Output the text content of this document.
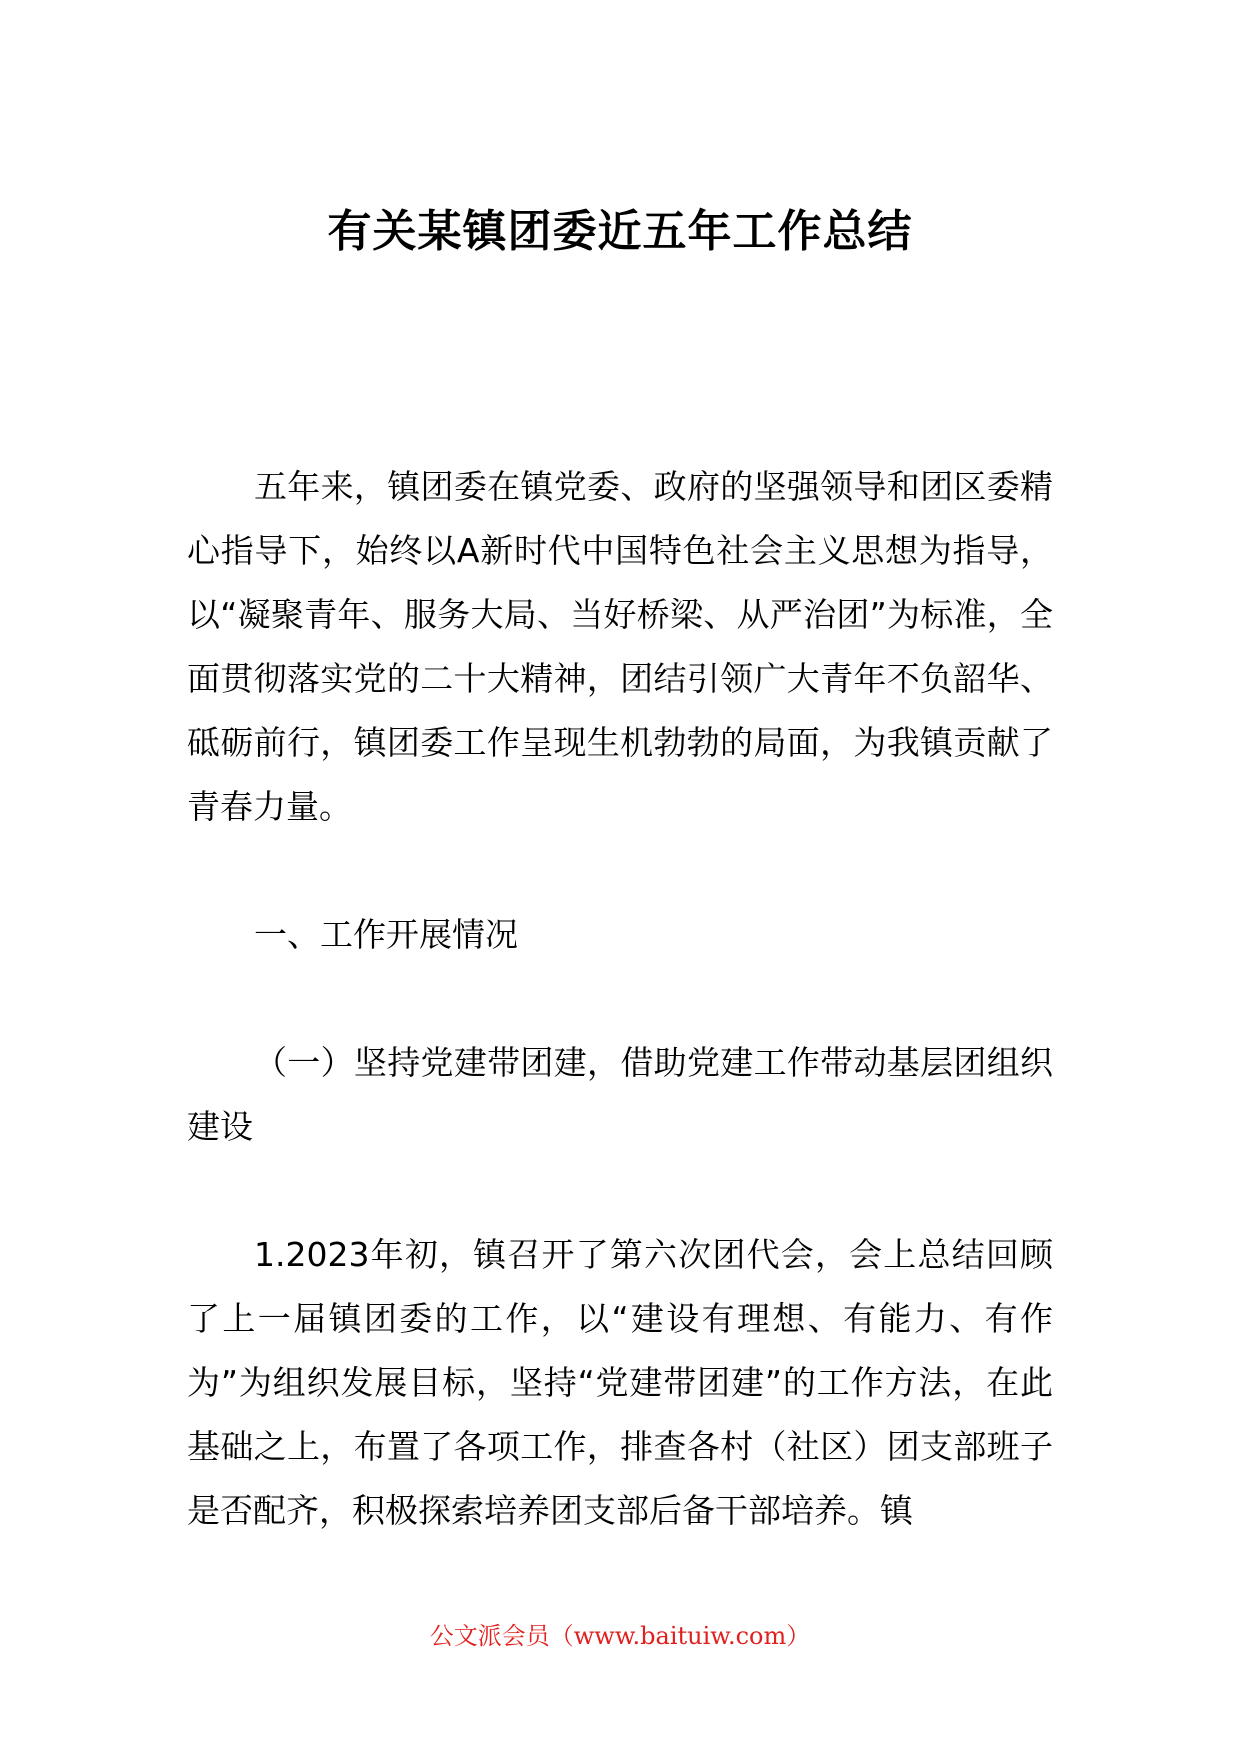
有关某镇团委近五年工作总结

五年来，镇团委在镇党委、政府的坚强领导和团区委精心指导下，始终以A新时代中国特色社会主义思想为指导，以“凝聚青年、服务大局、当好桥梁、从严治团”为标准，全面贯彻落实党的二十大精神，团结引领广大青年不负韶华、砥砺前行，镇团委工作呈现生机勃勃的局面，为我镇贡献了青春力量。

一、工作开展情况

（一）坚持党建带团建，借助党建工作带动基层团组织建设

1.2023年初，镇召开了第六次团代会，会上总结回顾了上一届镇团委的工作，以“建设有理想、有能力、有作为”为组织发展目标，坚持“党建带团建”的工作方法，在此基础之上，布置了各项工作，排查各村（社区）团支部班子是否配齐，积极探索培养团支部后备干部培养。镇

公文派会员（www.baituiw.com）
